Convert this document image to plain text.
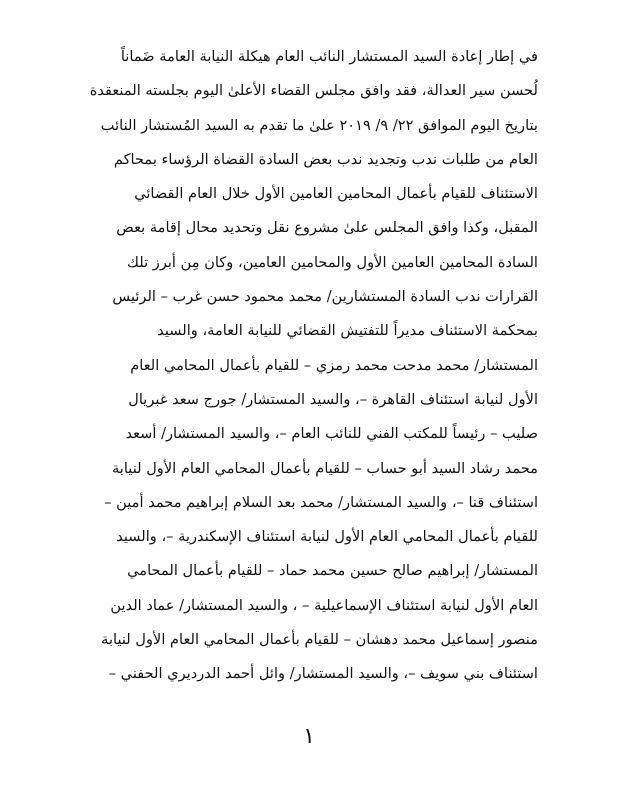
في إطار إعادة السيد المستشار النائب العام هيكلة النيابة العامة ضَماناً
لُحسن سير العدالة، فقد وافق مجلس القضاء الأعلىٰ اليوم بجلسته المنعقدة
بتاريخ اليوم الموافق ٢٢/ ٩/ ٢٠١٩ علىٰ ما تقدم به السيد المُستشار النائب
العام من طلبات ندب وتجديد ندب بعض السادة القضاة الرؤساء بمحاكم
الاستئناف للقيام بأعمال المحامين العامين الأول خلال العام القضائي
المقبل، وكذا وافق المجلس علىٰ مشروع نقل وتحديد محال إقامة بعض
السادة المحامين العامين الأول والمحامين العامين، وكان مِن أبرز تلك
القرارات ندب السادة المستشارين/ محمد محمود حسن غرب – الرئيس
بمحكمة الاستئناف مديراً للتفتيش القضائي للنيابة العامة، والسيد
المستشار/ محمد مدحت محمد رمزي – للقيام بأعمال المحامي العام
الأول لنيابة استئناف القاهرة –، والسيد المستشار/ جورج سعد غبريال
صليب – رئيساً للمكتب الفني للنائب العام –، والسيد المستشار/ أسعد
محمد رشاد السيد أبو حساب – للقيام بأعمال المحامي العام الأول لنيابة
استئناف قنا –، والسيد المستشار/ محمد بعد السلام إبراهيم محمد أمين –
للقيام بأعمال المحامي العام الأول لنيابة استئناف الإسكندرية –، والسيد
المستشار/ إبراهيم صالح حسين محمد حماد – للقيام بأعمال المحامي
العام الأول لنيابة استئناف الإسماعيلية – ، والسيد المستشار/ عماد الدين
منصور إسماعيل محمد دهشان – للقيام بأعمال المحامي العام الأول لنيابة
استئناف بني سويف –، والسيد المستشار/ وائل أحمد الدرديري الحفني –
١
